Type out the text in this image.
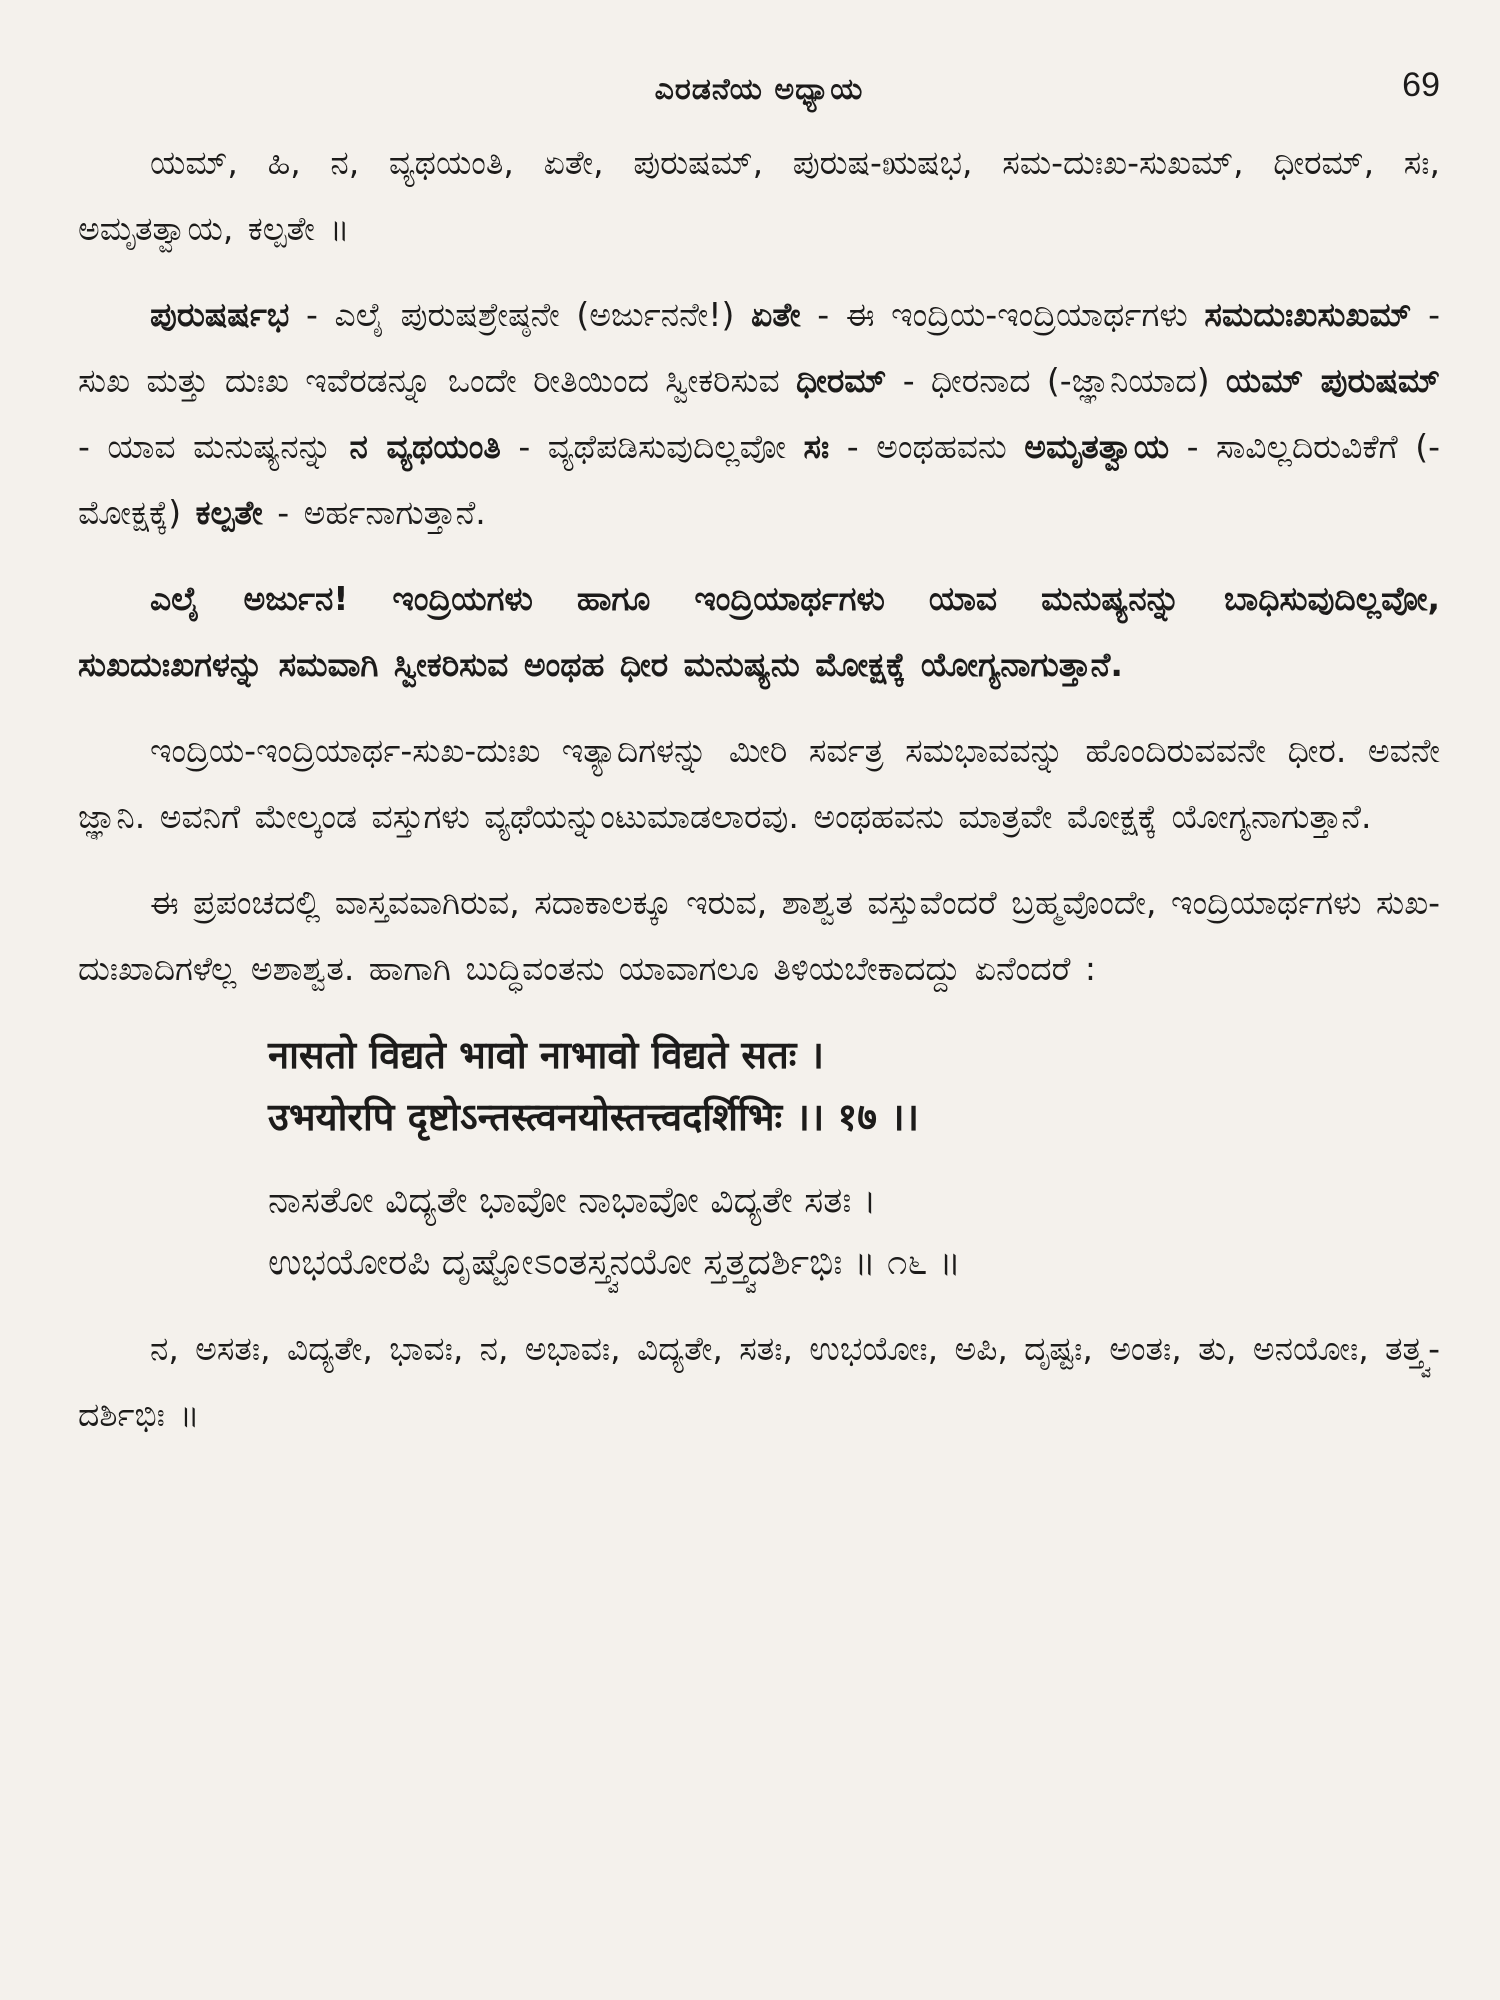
ಎರಡನೆಯ ಅಧ್ಯಾಯ	69

ಯಮ್, ಹಿ, ನ, ವ್ಯಥಯಂತಿ, ಏತೇ, ಪುರುಷಮ್, ಪುರುಷ-ಋಷಭ, ಸಮ-ದುಃಖ-ಸುಖಮ್, ಧೀರಮ್, ಸಃ, ಅಮೃತತ್ವಾಯ, ಕಲ್ಪತೇ ॥

ಪುರುಷರ್ಷಭ - ಎಲೈ ಪುರುಷಶ್ರೇಷ್ಠನೇ (ಅರ್ಜುನನೇ!) ಏತೇ - ಈ ಇಂದ್ರಿಯ-ಇಂದ್ರಿಯಾರ್ಥಗಳು ಸಮದುಃಖಸುಖಮ್ - ಸುಖ ಮತ್ತು ದುಃಖ ಇವೆರಡನ್ನೂ ಒಂದೇ ರೀತಿಯಿಂದ ಸ್ವೀಕರಿಸುವ ಧೀರಮ್ - ಧೀರನಾದ (-ಜ್ಞಾನಿಯಾದ) ಯಮ್ ಪುರುಷಮ್ - ಯಾವ ಮನುಷ್ಯನನ್ನು ನ ವ್ಯಥಯಂತಿ - ವ್ಯಥೆಪಡಿಸುವುದಿಲ್ಲವೋ ಸಃ - ಅಂಥಹವನು ಅಮೃತತ್ವಾಯ - ಸಾವಿಲ್ಲದಿರುವಿಕೆಗೆ (-ಮೋಕ್ಷಕ್ಕೆ) ಕಲ್ಪತೇ - ಅರ್ಹನಾಗುತ್ತಾನೆ.

ಎಲೈ ಅರ್ಜುನ! ಇಂದ್ರಿಯಗಳು ಹಾಗೂ ಇಂದ್ರಿಯಾರ್ಥಗಳು ಯಾವ ಮನುಷ್ಯನನ್ನು ಬಾಧಿಸುವುದಿಲ್ಲವೋ, ಸುಖದುಃಖಗಳನ್ನು ಸಮವಾಗಿ ಸ್ವೀಕರಿಸುವ ಅಂಥಹ ಧೀರ ಮನುಷ್ಯನು ಮೋಕ್ಷಕ್ಕೆ ಯೋಗ್ಯನಾಗುತ್ತಾನೆ.

ಇಂದ್ರಿಯ-ಇಂದ್ರಿಯಾರ್ಥ-ಸುಖ-ದುಃಖ ಇತ್ಯಾದಿಗಳನ್ನು ಮೀರಿ ಸರ್ವತ್ರ ಸಮಭಾವವನ್ನು ಹೊಂದಿರುವವನೇ ಧೀರ. ಅವನೇ ಜ್ಞಾನಿ. ಅವನಿಗೆ ಮೇಲ್ಕಂಡ ವಸ್ತುಗಳು ವ್ಯಥೆಯನ್ನುಂಟುಮಾಡಲಾರವು. ಅಂಥಹವನು ಮಾತ್ರವೇ ಮೋಕ್ಷಕ್ಕೆ ಯೋಗ್ಯನಾಗುತ್ತಾನೆ.

ಈ ಪ್ರಪಂಚದಲ್ಲಿ ವಾಸ್ತವವಾಗಿರುವ, ಸದಾಕಾಲಕ್ಕೂ ಇರುವ, ಶಾಶ್ವತ ವಸ್ತುವೆಂದರೆ ಬ್ರಹ್ಮವೊಂದೇ, ಇಂದ್ರಿಯಾರ್ಥಗಳು ಸುಖ-ದುಃಖಾದಿಗಳೆಲ್ಲ ಅಶಾಶ್ವತ. ಹಾಗಾಗಿ ಬುದ್ಧಿವಂತನು ಯಾವಾಗಲೂ ತಿಳಿಯಬೇಕಾದದ್ದು ಏನೆಂದರೆ :

नासतो विद्यते भावो नाभावो विद्यते सतः ।
उभयोरपि दृष्टोऽन्तस्त्वनयोस्तत्त्वदर्शिभिः ।। १७ ।।
ನಾಸತೋ ವಿದ್ಯತೇ ಭಾವೋ ನಾಭಾವೋ ವಿದ್ಯತೇ ಸತಃ ।
ಉಭಯೋರಪಿ ದೃಷ್ಟೋಽಂತಸ್ತ್ವನಯೋ ಸ್ತತ್ತ್ವದರ್ಶಿಭಿಃ ॥ ೧೬ ॥

ನ, ಅಸತಃ, ವಿದ್ಯತೇ, ಭಾವಃ, ನ, ಅಭಾವಃ, ವಿದ್ಯತೇ, ಸತಃ, ಉಭಯೋಃ, ಅಪಿ, ದೃಷ್ಟಃ, ಅಂತಃ, ತು, ಅನಯೋಃ, ತತ್ತ್ವ-ದರ್ಶಿಭಿಃ ॥
